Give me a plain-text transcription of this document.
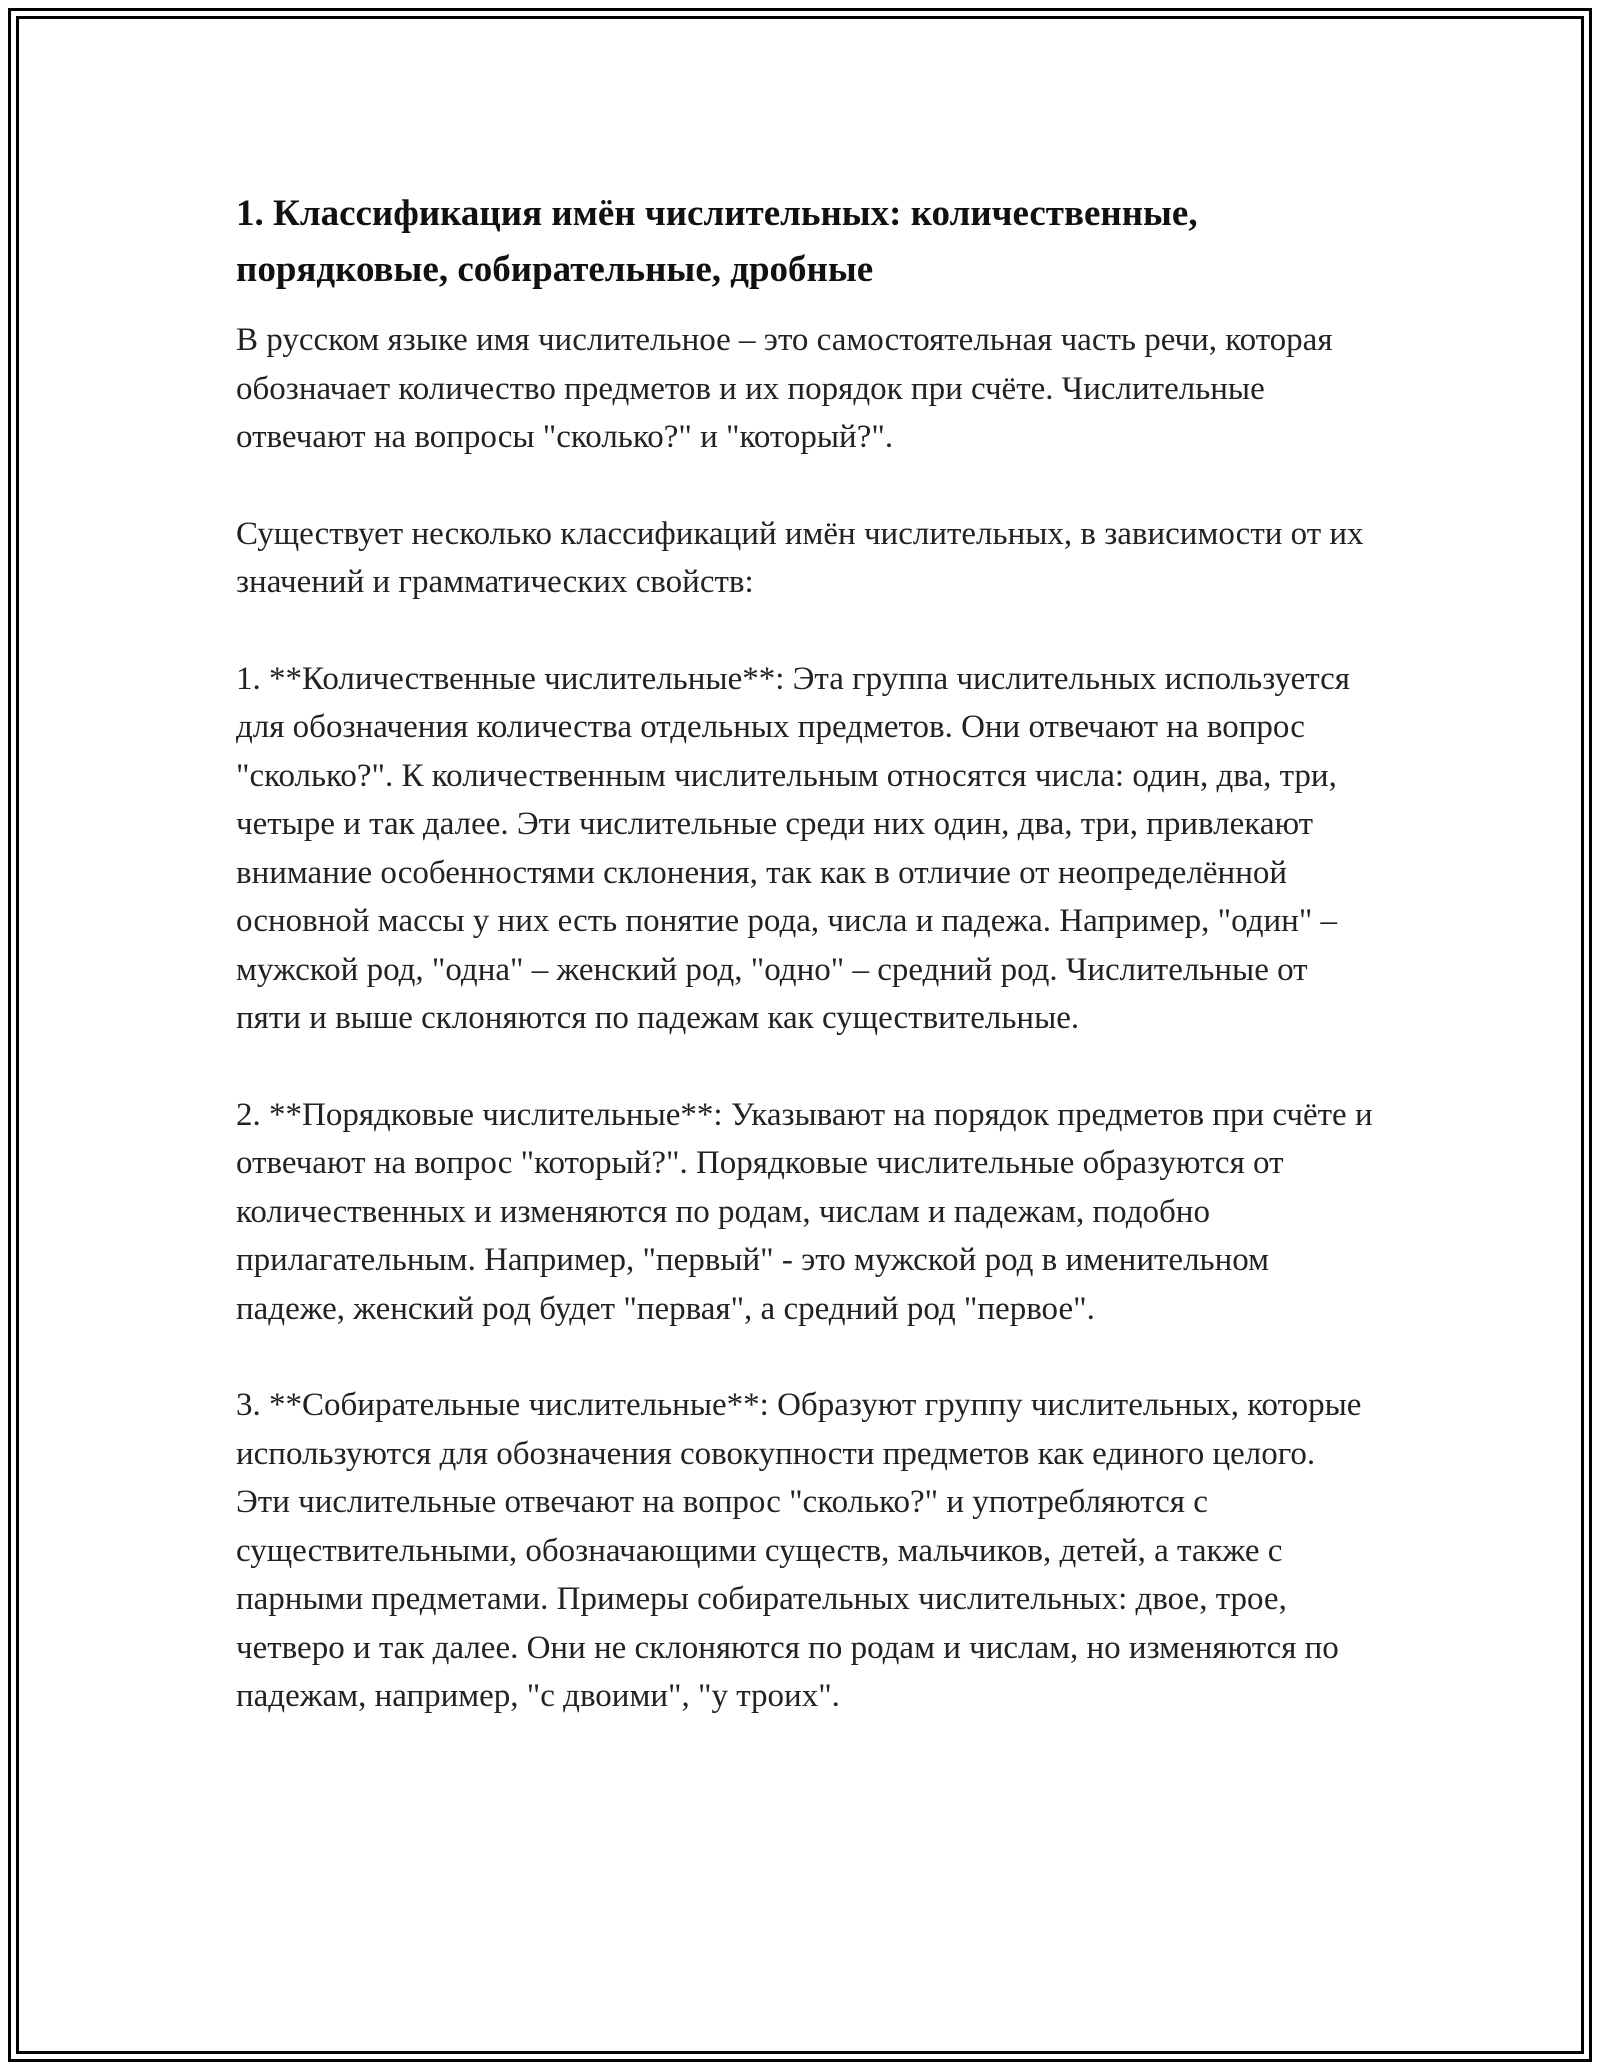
1. Классификация имён числительных: количественные, порядковые, собирательные, дробные

В русском языке имя числительное – это самостоятельная часть речи, которая обозначает количество предметов и их порядок при счёте. Числительные отвечают на вопросы "сколько?" и "который?".

Существует несколько классификаций имён числительных, в зависимости от их значений и грамматических свойств:

1. **Количественные числительные**: Эта группа числительных используется для обозначения количества отдельных предметов. Они отвечают на вопрос "сколько?". К количественным числительным относятся числа: один, два, три, четыре и так далее. Эти числительные среди них один, два, три, привлекают внимание особенностями склонения, так как в отличие от неопределённой основной массы у них есть понятие рода, числа и падежа. Например, "один" – мужской род, "одна" – женский род, "одно" – средний род. Числительные от пяти и выше склоняются по падежам как существительные.

2. **Порядковые числительные**: Указывают на порядок предметов при счёте и отвечают на вопрос "который?". Порядковые числительные образуются от количественных и изменяются по родам, числам и падежам, подобно прилагательным. Например, "первый" - это мужской род в именительном падеже, женский род будет "первая", а средний род "первое".

3. **Собирательные числительные**: Образуют группу числительных, которые используются для обозначения совокупности предметов как единого целого. Эти числительные отвечают на вопрос "сколько?" и употребляются с существительными, обозначающими существ, мальчиков, детей, а также с парными предметами. Примеры собирательных числительных: двое, трое, четверо и так далее. Они не склоняются по родам и числам, но изменяются по падежам, например, "с двоими", "у троих".
